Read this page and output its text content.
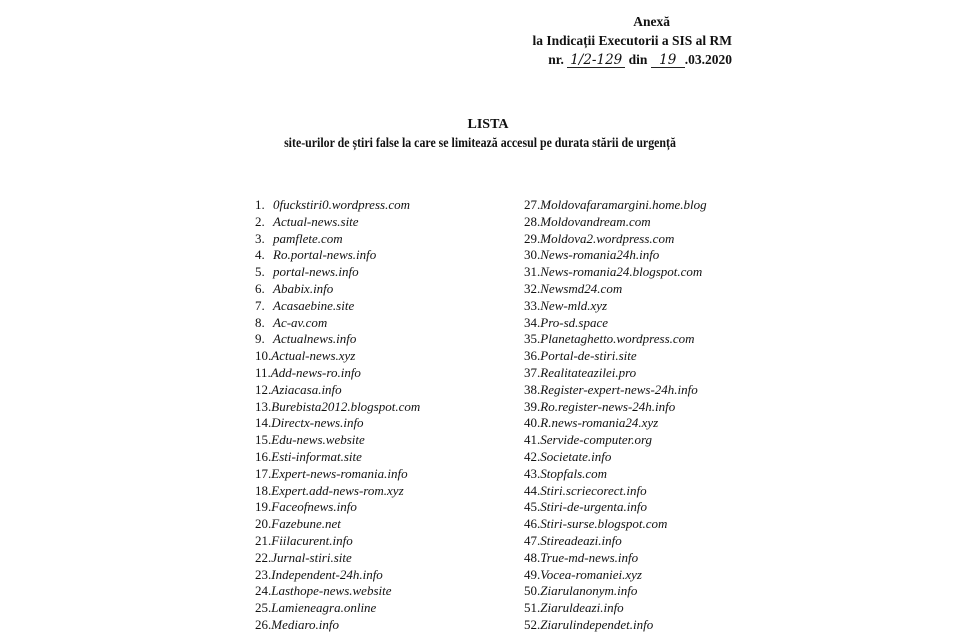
Anexă
la Indicații Executorii a SIS al RM
nr. 1/2-129 din 19 .03.2020
LISTA
site-urilor de știri false la care se limitează accesul pe durata stării de urgență
1. 0fuckstiri0.wordpress.com
2. Actual-news.site
3. pamflete.com
4. Ro.portal-news.info
5. portal-news.info
6. Ababix.info
7. Acasaebine.site
8. Ac-av.com
9. Actualnews.info
10.Actual-news.xyz
11.Add-news-ro.info
12.Aziacasa.info
13.Burebista2012.blogspot.com
14.Directx-news.info
15.Edu-news.website
16.Esti-informat.site
17.Expert-news-romania.info
18.Expert.add-news-rom.xyz
19.Faceofnews.info
20.Fazebune.net
21.Fiilacurent.info
22.Jurnal-stiri.site
23.Independent-24h.info
24.Lasthope-news.website
25.Lamieneagra.online
26.Mediaro.info
27.Moldovafaramargini.home.blog
28.Moldovandream.com
29.Moldova2.wordpress.com
30.News-romania24h.info
31.News-romania24.blogspot.com
32.Newsmd24.com
33.New-mld.xyz
34.Pro-sd.space
35.Planetaghetto.wordpress.com
36.Portal-de-stiri.site
37.Realitateazilei.pro
38.Register-expert-news-24h.info
39.Ro.register-news-24h.info
40.R.news-romania24.xyz
41.Servide-computer.org
42.Societate.info
43.Stopfals.com
44.Stiri.scriecorect.info
45.Stiri-de-urgenta.info
46.Stiri-surse.blogspot.com
47.Stireadeazi.info
48.True-md-news.info
49.Vocea-romaniei.xyz
50.Ziarulanonym.info
51.Ziaruldeazi.info
52.Ziarulindependet.info
